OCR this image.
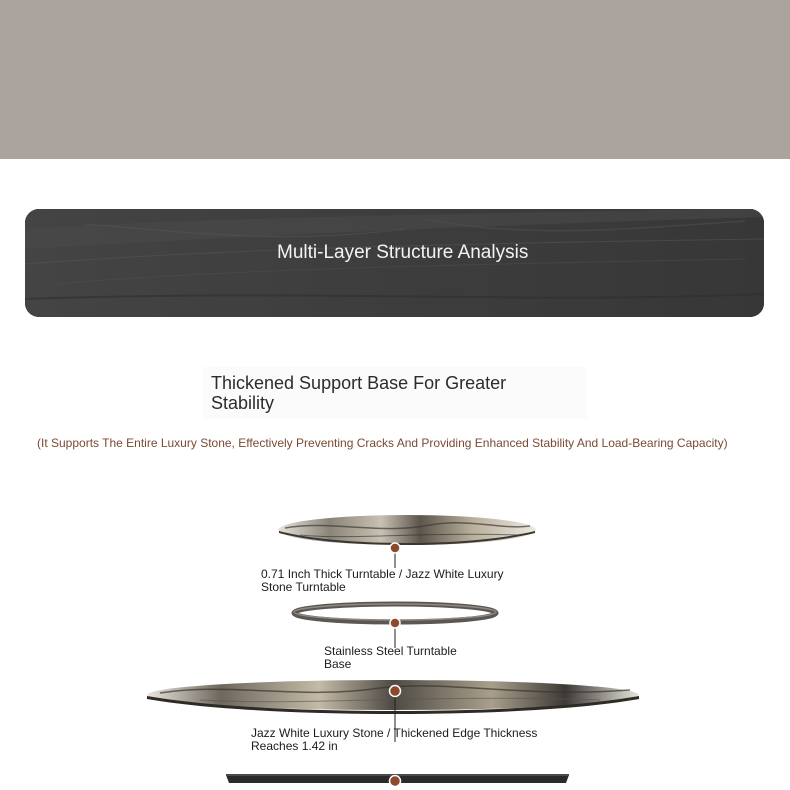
Multi-Layer Structure Analysis
Thickened Support Base For Greater Stability
(It Supports The Entire Luxury Stone, Effectively Preventing Cracks And Providing Enhanced Stability And Load-Bearing Capacity)
0.71 Inch Thick Turntable / Jazz White Luxury Stone Turntable
Stainless Steel Turntable Base
Jazz White Luxury Stone / Thickened Edge Thickness Reaches 1.42 in
